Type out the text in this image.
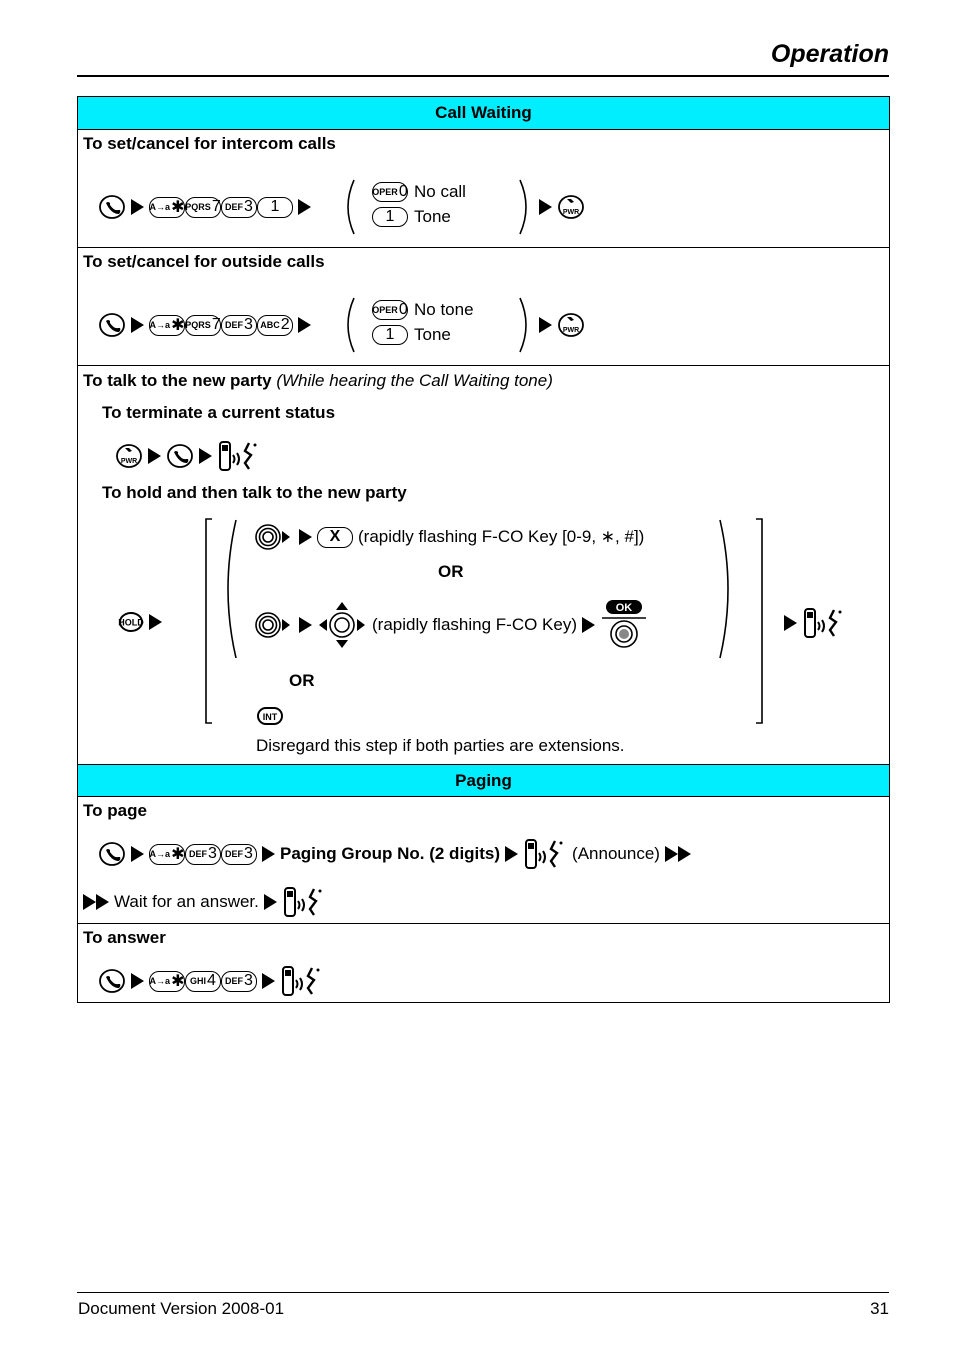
Operation
Call Waiting
To set/cancel for intercom calls
A→a ✱ PQRS 7 DEF 3 1
OPER 0 No call
1 Tone	PWR
To set/cancel for outside calls
A→a ✱ PQRS 7 DEF 3 ABC 2
OPER 0 No tone
1 Tone	PWR
To talk to the new party (While hearing the Call Waiting tone)
To terminate a current status
PWR
To hold and then talk to the new party
HOLD
X	(rapidly flashing F-CO Key [0-9, ∗, #])
OR
(rapidly flashing F-CO Key)
OK
OR
INT
Disregard this step if both parties are extensions.
Paging
To page
A→a ✱ DEF 3 DEF 3 Paging Group No. (2 digits)	(Announce)
Wait for an answer.
To answer
A→a ✱ GHI 4 DEF 3
Document Version 2008-01	31
